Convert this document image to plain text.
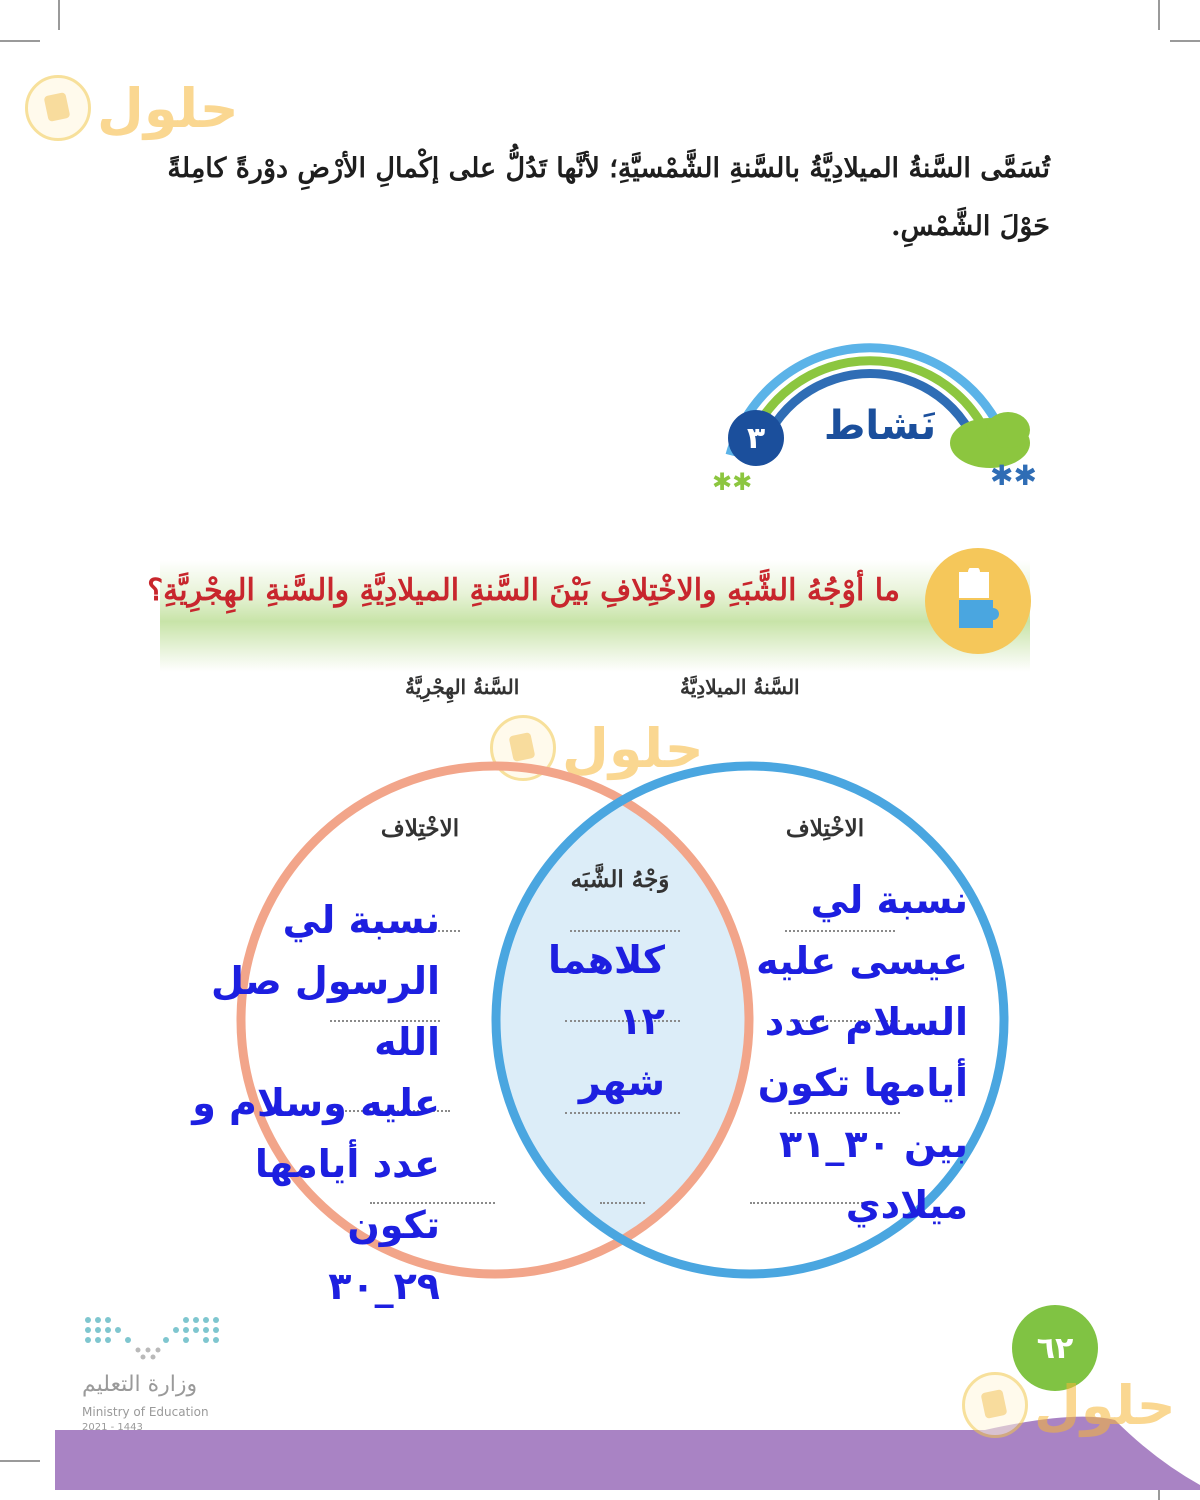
حلول
تُسَمَّى السَّنةُ الميلادِيَّةُ بالسَّنةِ الشَّمْسيَّةِ؛ لأنَّها تَدُلُّ على إكْمالِ الأرْضِ دوْرةً كامِلةً حَوْلَ الشَّمْسِ.
✱✱
✱✱
نَشاط
٣
ما أوْجُهُ الشَّبَهِ والاخْتِلافِ بَيْنَ السَّنةِ الميلادِيَّةِ والسَّنةِ الهِجْرِيَّةِ؟
السَّنةُ الهِجْرِيَّةُ	السَّنةُ الميلادِيَّةُ
حلول
الاخْتِلاف	الاخْتِلاف
وَجْهُ الشَّبَه
نسبة لي
الرسول صل الله
عليه وسلام و
عدد أيامها تكون
٢٩_٣٠
كلاهما
١٢
شهر
نسبة لي
عيسى عليه
السلام عدد
أيامها تكون
بين ٣٠_٣١
ميلادي
٦٢
حلول
وزارة التعليم
Ministry of Education
2021 - 1443
